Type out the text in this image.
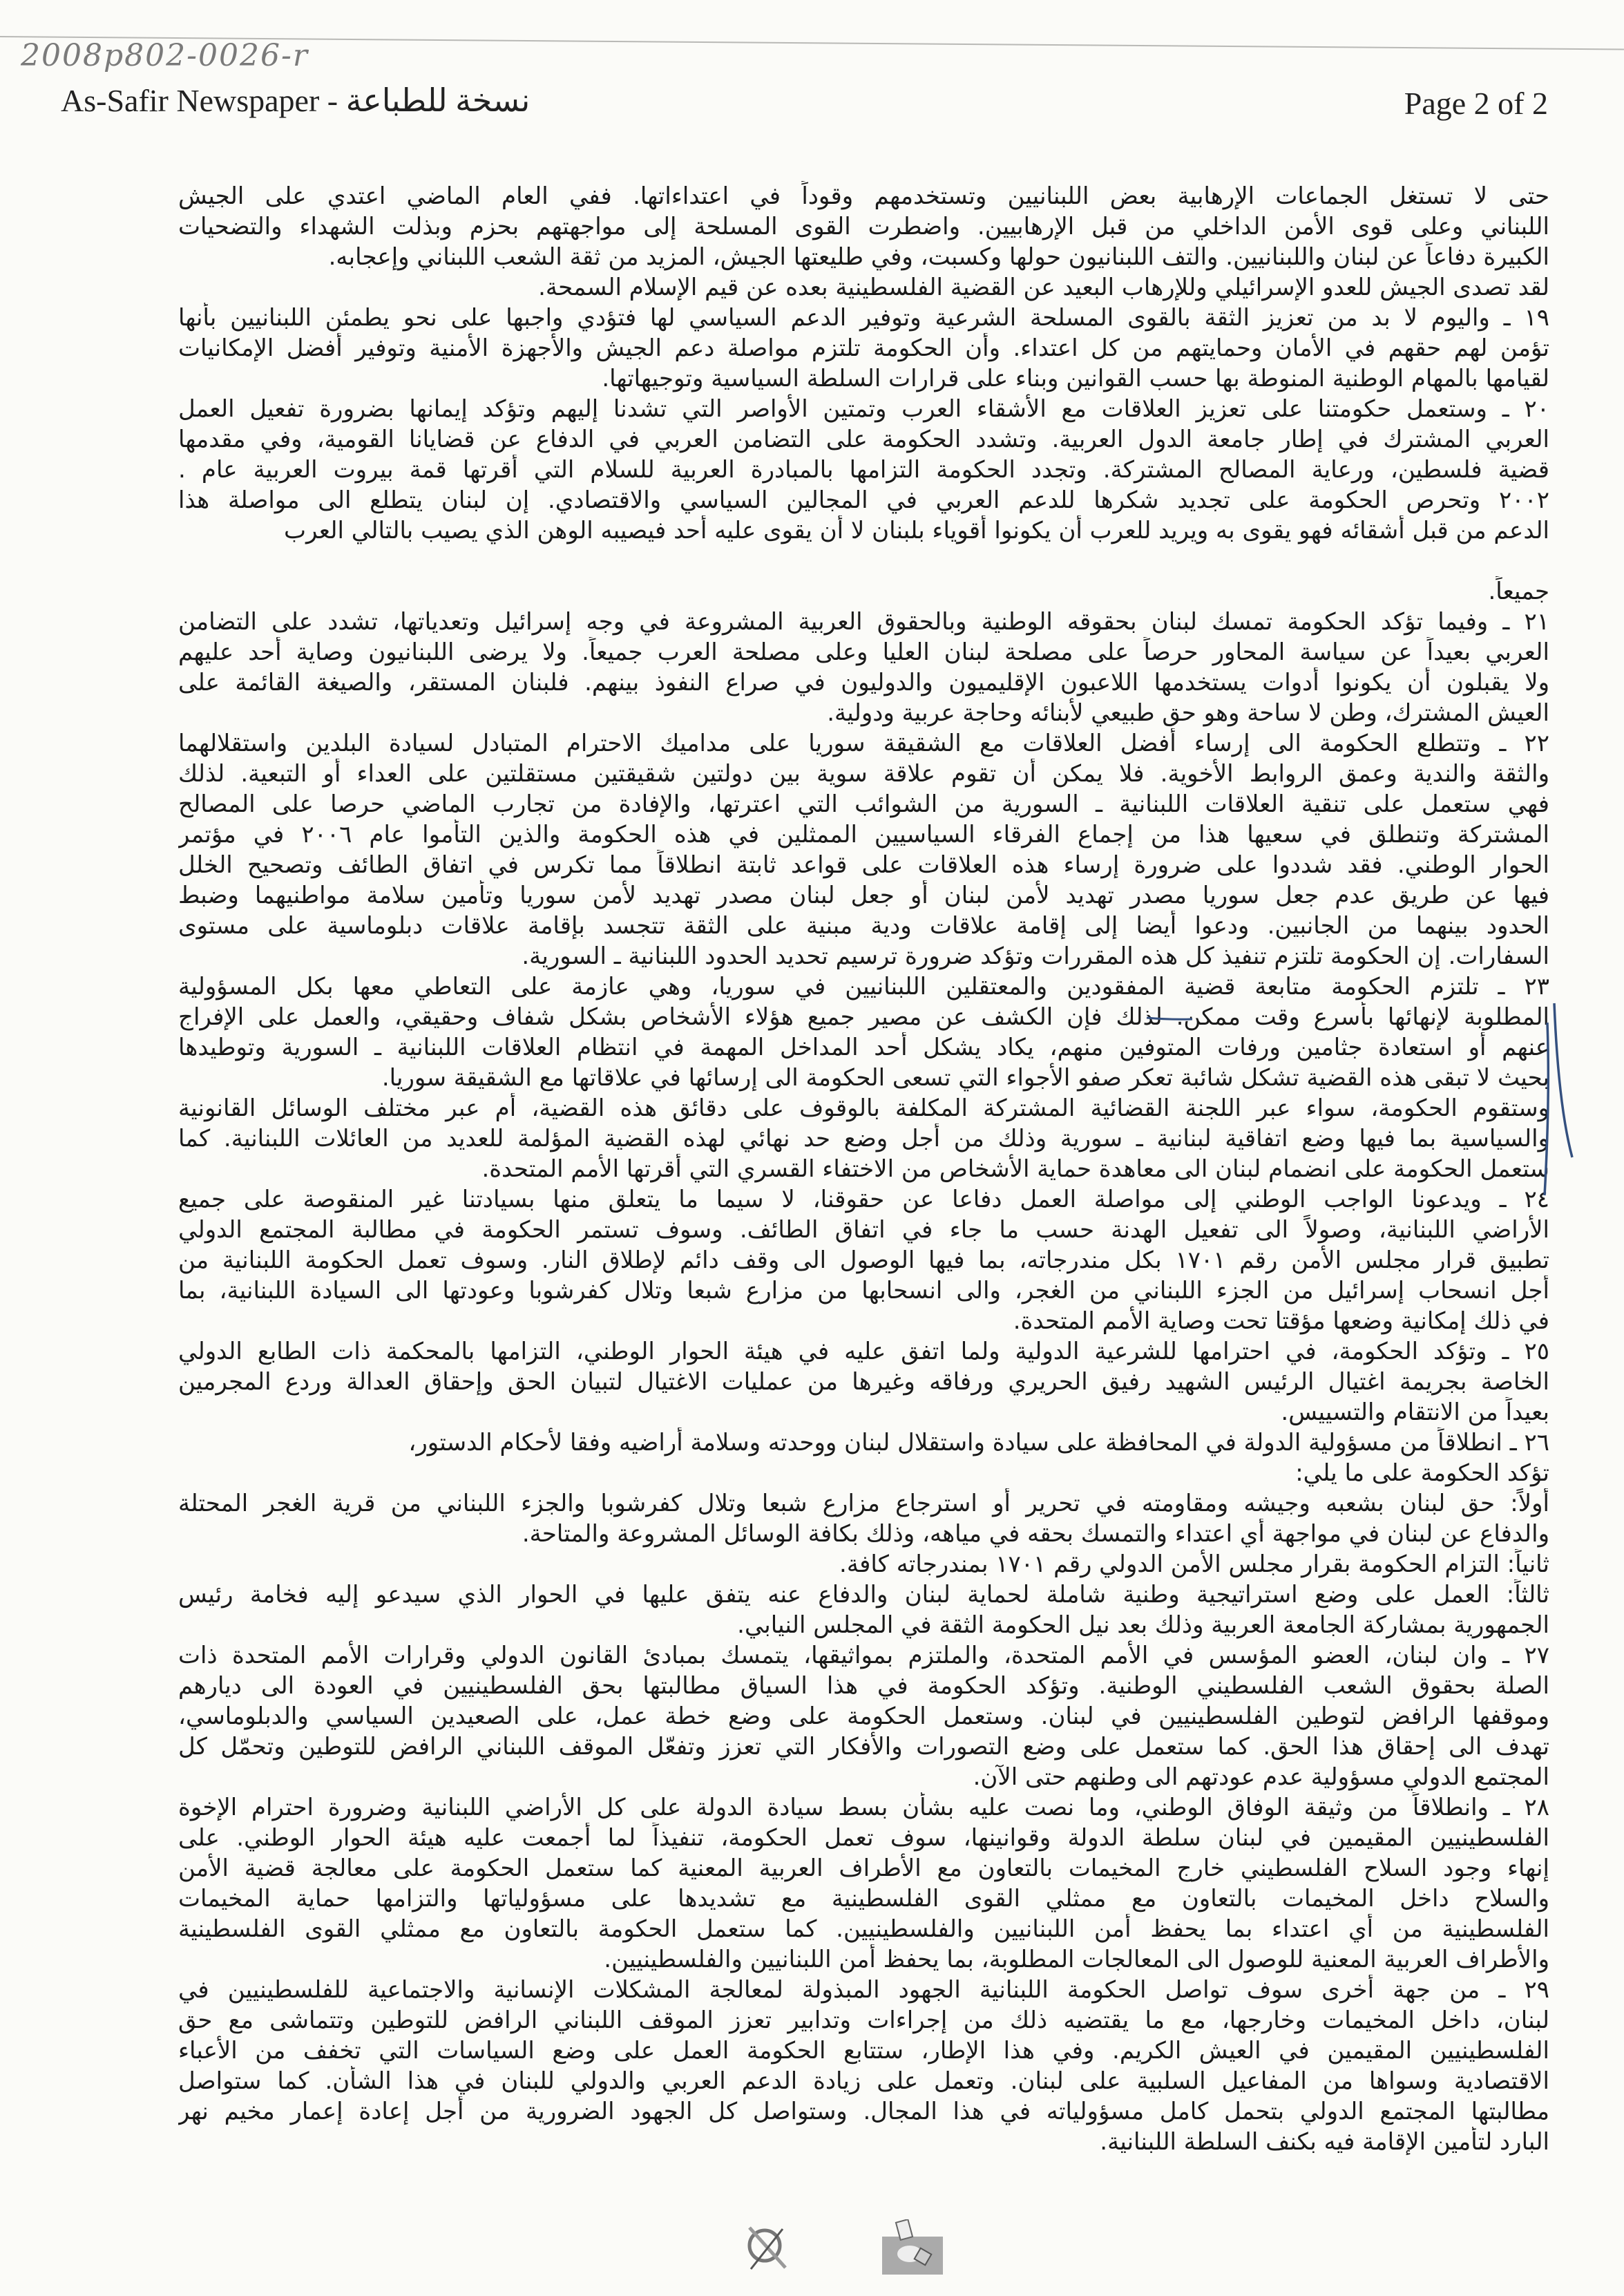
2008p802-0026-r
As-Safir Newspaper - نسخة للطباعة	Page 2 of 2
حتى لا تستغل الجماعات الإرهابية بعض اللبنانيين وتستخدمهم وقوداً في اعتداءاتها. ففي العام الماضي اعتدي على الجيش
اللبناني وعلى قوى الأمن الداخلي من قبل الإرهابيين. واضطرت القوى المسلحة إلى مواجهتهم بحزم وبذلت الشهداء والتضحيات
الكبيرة دفاعاً عن لبنان واللبنانيين. والتف اللبنانيون حولها وكسبت، وفي طليعتها الجيش، المزيد من ثقة الشعب اللبناني وإعجابه.
لقد تصدى الجيش للعدو الإسرائيلي وللإرهاب البعيد عن القضية الفلسطينية بعده عن قيم الإسلام السمحة.
١٩ ـ واليوم لا بد من تعزيز الثقة بالقوى المسلحة الشرعية وتوفير الدعم السياسي لها فتؤدي واجبها على نحو يطمئن اللبنانيين بأنها
تؤمن لهم حقهم في الأمان وحمايتهم من كل اعتداء. وأن الحكومة تلتزم مواصلة دعم الجيش والأجهزة الأمنية وتوفير أفضل الإمكانيات
لقيامها بالمهام الوطنية المنوطة بها حسب القوانين وبناء على قرارات السلطة السياسية وتوجيهاتها.
٢٠ ـ وستعمل حكومتنا على تعزيز العلاقات مع الأشقاء العرب وتمتين الأواصر التي تشدنا إليهم وتؤكد إيمانها بضرورة تفعيل العمل
العربي المشترك في إطار جامعة الدول العربية. وتشدد الحكومة على التضامن العربي في الدفاع عن قضايانا القومية، وفي مقدمها
قضية فلسطين، ورعاية المصالح المشتركة. وتجدد الحكومة التزامها بالمبادرة العربية للسلام التي أقرتها قمة بيروت العربية عام .
٢٠٠٢ وتحرص الحكومة على تجديد شكرها للدعم العربي في المجالين السياسي والاقتصادي. إن لبنان يتطلع الى مواصلة هذا
الدعم من قبل أشقائه فهو يقوى به ويريد للعرب أن يكونوا أقوياء بلبنان لا أن يقوى عليه أحد فيصيبه الوهن الذي يصيب بالتالي العرب
جميعاً.
٢١ ـ وفيما تؤكد الحكومة تمسك لبنان بحقوقه الوطنية وبالحقوق العربية المشروعة في وجه إسرائيل وتعدياتها، تشدد على التضامن
العربي بعيداً عن سياسة المحاور حرصاً على مصلحة لبنان العليا وعلى مصلحة العرب جميعاً. ولا يرضى اللبنانيون وصاية أحد عليهم
ولا يقبلون أن يكونوا أدوات يستخدمها اللاعبون الإقليميون والدوليون في صراع النفوذ بينهم. فلبنان المستقر، والصيغة القائمة على
العيش المشترك، وطن لا ساحة وهو حق طبيعي لأبنائه وحاجة عربية ودولية.
٢٢ ـ وتتطلع الحكومة الى إرساء أفضل العلاقات مع الشقيقة سوريا على مداميك الاحترام المتبادل لسيادة البلدين واستقلالهما
والثقة والندية وعمق الروابط الأخوية. فلا يمكن أن تقوم علاقة سوية بين دولتين شقيقتين مستقلتين على العداء أو التبعية. لذلك
فهي ستعمل على تنقية العلاقات اللبنانية ـ السورية من الشوائب التي اعترتها، والإفادة من تجارب الماضي حرصا على المصالح
المشتركة وتنطلق في سعيها هذا من إجماع الفرقاء السياسيين الممثلين في هذه الحكومة والذين التأموا عام ٢٠٠٦ في مؤتمر
الحوار الوطني. فقد شددوا على ضرورة إرساء هذه العلاقات على قواعد ثابتة انطلاقاً مما تكرس في اتفاق الطائف وتصحيح الخلل
فيها عن طريق عدم جعل سوريا مصدر تهديد لأمن لبنان أو جعل لبنان مصدر تهديد لأمن سوريا وتأمين سلامة مواطنيهما وضبط
الحدود بينهما من الجانبين. ودعوا أيضا إلى إقامة علاقات ودية مبنية على الثقة تتجسد بإقامة علاقات دبلوماسية على مستوى
السفارات. إن الحكومة تلتزم تنفيذ كل هذه المقررات وتؤكد ضرورة ترسيم تحديد الحدود اللبنانية ـ السورية.
٢٣ ـ تلتزم الحكومة متابعة قضية المفقودين والمعتقلين اللبنانيين في سوريا، وهي عازمة على التعاطي معها بكل المسؤولية
المطلوبة لإنهائها بأسرع وقت ممكن. لذلك فإن الكشف عن مصير جميع هؤلاء الأشخاص بشكل شفاف وحقيقي، والعمل على الإفراج
عنهم أو استعادة جثامين ورفات المتوفين منهم، يكاد يشكل أحد المداخل المهمة في انتظام العلاقات اللبنانية ـ السورية وتوطيدها
بحيث لا تبقى هذه القضية تشكل شائبة تعكر صفو الأجواء التي تسعى الحكومة الى إرسائها في علاقاتها مع الشقيقة سوريا.
وستقوم الحكومة، سواء عبر اللجنة القضائية المشتركة المكلفة بالوقوف على دقائق هذه القضية، أم عبر مختلف الوسائل القانونية
والسياسية بما فيها وضع اتفاقية لبنانية ـ سورية وذلك من أجل وضع حد نهائي لهذه القضية المؤلمة للعديد من العائلات اللبنانية. كما
ستعمل الحكومة على انضمام لبنان الى معاهدة حماية الأشخاص من الاختفاء القسري التي أقرتها الأمم المتحدة.
٢٤ ـ ويدعونا الواجب الوطني إلى مواصلة العمل دفاعا عن حقوقنا، لا سيما ما يتعلق منها بسيادتنا غير المنقوصة على جميع
الأراضي اللبنانية، وصولاً الى تفعيل الهدنة حسب ما جاء في اتفاق الطائف. وسوف تستمر الحكومة في مطالبة المجتمع الدولي
تطبيق قرار مجلس الأمن رقم ١٧٠١ بكل مندرجاته، بما فيها الوصول الى وقف دائم لإطلاق النار. وسوف تعمل الحكومة اللبنانية من
أجل انسحاب إسرائيل من الجزء اللبناني من الغجر، والى انسحابها من مزارع شبعا وتلال كفرشوبا وعودتها الى السيادة اللبنانية، بما
في ذلك إمكانية وضعها مؤقتا تحت وصاية الأمم المتحدة.
٢٥ ـ وتؤكد الحكومة، في احترامها للشرعية الدولية ولما اتفق عليه في هيئة الحوار الوطني، التزامها بالمحكمة ذات الطابع الدولي
الخاصة بجريمة اغتيال الرئيس الشهيد رفيق الحريري ورفاقه وغيرها من عمليات الاغتيال لتبيان الحق وإحقاق العدالة وردع المجرمين
بعيداً من الانتقام والتسييس.
٢٦ ـ انطلاقاً من مسؤولية الدولة في المحافظة على سيادة واستقلال لبنان ووحدته وسلامة أراضيه وفقا لأحكام الدستور،
تؤكد الحكومة على ما يلي:
أولاً: حق لبنان بشعبه وجيشه ومقاومته في تحرير أو استرجاع مزارع شبعا وتلال كفرشوبا والجزء اللبناني من قرية الغجر المحتلة
والدفاع عن لبنان في مواجهة أي اعتداء والتمسك بحقه في مياهه، وذلك بكافة الوسائل المشروعة والمتاحة.
ثانياً: التزام الحكومة بقرار مجلس الأمن الدولي رقم ١٧٠١ بمندرجاته كافة.
ثالثاً: العمل على وضع استراتيجية وطنية شاملة لحماية لبنان والدفاع عنه يتفق عليها في الحوار الذي سيدعو إليه فخامة رئيس
الجمهورية بمشاركة الجامعة العربية وذلك بعد نيل الحكومة الثقة في المجلس النيابي.
٢٧ ـ وان لبنان، العضو المؤسس في الأمم المتحدة، والملتزم بمواثيقها، يتمسك بمبادئ القانون الدولي وقرارات الأمم المتحدة ذات
الصلة بحقوق الشعب الفلسطيني الوطنية. وتؤكد الحكومة في هذا السياق مطالبتها بحق الفلسطينيين في العودة الى ديارهم
وموقفها الرافض لتوطين الفلسطينيين في لبنان. وستعمل الحكومة على وضع خطة عمل، على الصعيدين السياسي والدبلوماسي،
تهدف الى إحقاق هذا الحق. كما ستعمل على وضع التصورات والأفكار التي تعزز وتفعّل الموقف اللبناني الرافض للتوطين وتحمّل كل
المجتمع الدولي مسؤولية عدم عودتهم الى وطنهم حتى الآن.
٢٨ ـ وانطلاقاً من وثيقة الوفاق الوطني، وما نصت عليه بشأن بسط سيادة الدولة على كل الأراضي اللبنانية وضرورة احترام الإخوة
الفلسطينيين المقيمين في لبنان سلطة الدولة وقوانينها، سوف تعمل الحكومة، تنفيذاً لما أجمعت عليه هيئة الحوار الوطني. على
إنهاء وجود السلاح الفلسطيني خارج المخيمات بالتعاون مع الأطراف العربية المعنية كما ستعمل الحكومة على معالجة قضية الأمن
والسلاح داخل المخيمات بالتعاون مع ممثلي القوى الفلسطينية مع تشديدها على مسؤولياتها والتزامها حماية المخيمات
الفلسطينية من أي اعتداء بما يحفظ أمن اللبنانيين والفلسطينيين. كما ستعمل الحكومة بالتعاون مع ممثلي القوى الفلسطينية
والأطراف العربية المعنية للوصول الى المعالجات المطلوبة، بما يحفظ أمن اللبنانيين والفلسطينيين.
٢٩ ـ من جهة أخرى سوف تواصل الحكومة اللبنانية الجهود المبذولة لمعالجة المشكلات الإنسانية والاجتماعية للفلسطينيين في
لبنان، داخل المخيمات وخارجها، مع ما يقتضيه ذلك من إجراءات وتدابير تعزز الموقف اللبناني الرافض للتوطين وتتماشى مع حق
الفلسطينيين المقيمين في العيش الكريم. وفي هذا الإطار، ستتابع الحكومة العمل على وضع السياسات التي تخفف من الأعباء
الاقتصادية وسواها من المفاعيل السلبية على لبنان. وتعمل على زيادة الدعم العربي والدولي للبنان في هذا الشأن. كما ستواصل
مطالبتها المجتمع الدولي بتحمل كامل مسؤولياته في هذا المجال. وستواصل كل الجهود الضرورية من أجل إعادة إعمار مخيم نهر
البارد لتأمين الإقامة فيه بكنف السلطة اللبنانية.
